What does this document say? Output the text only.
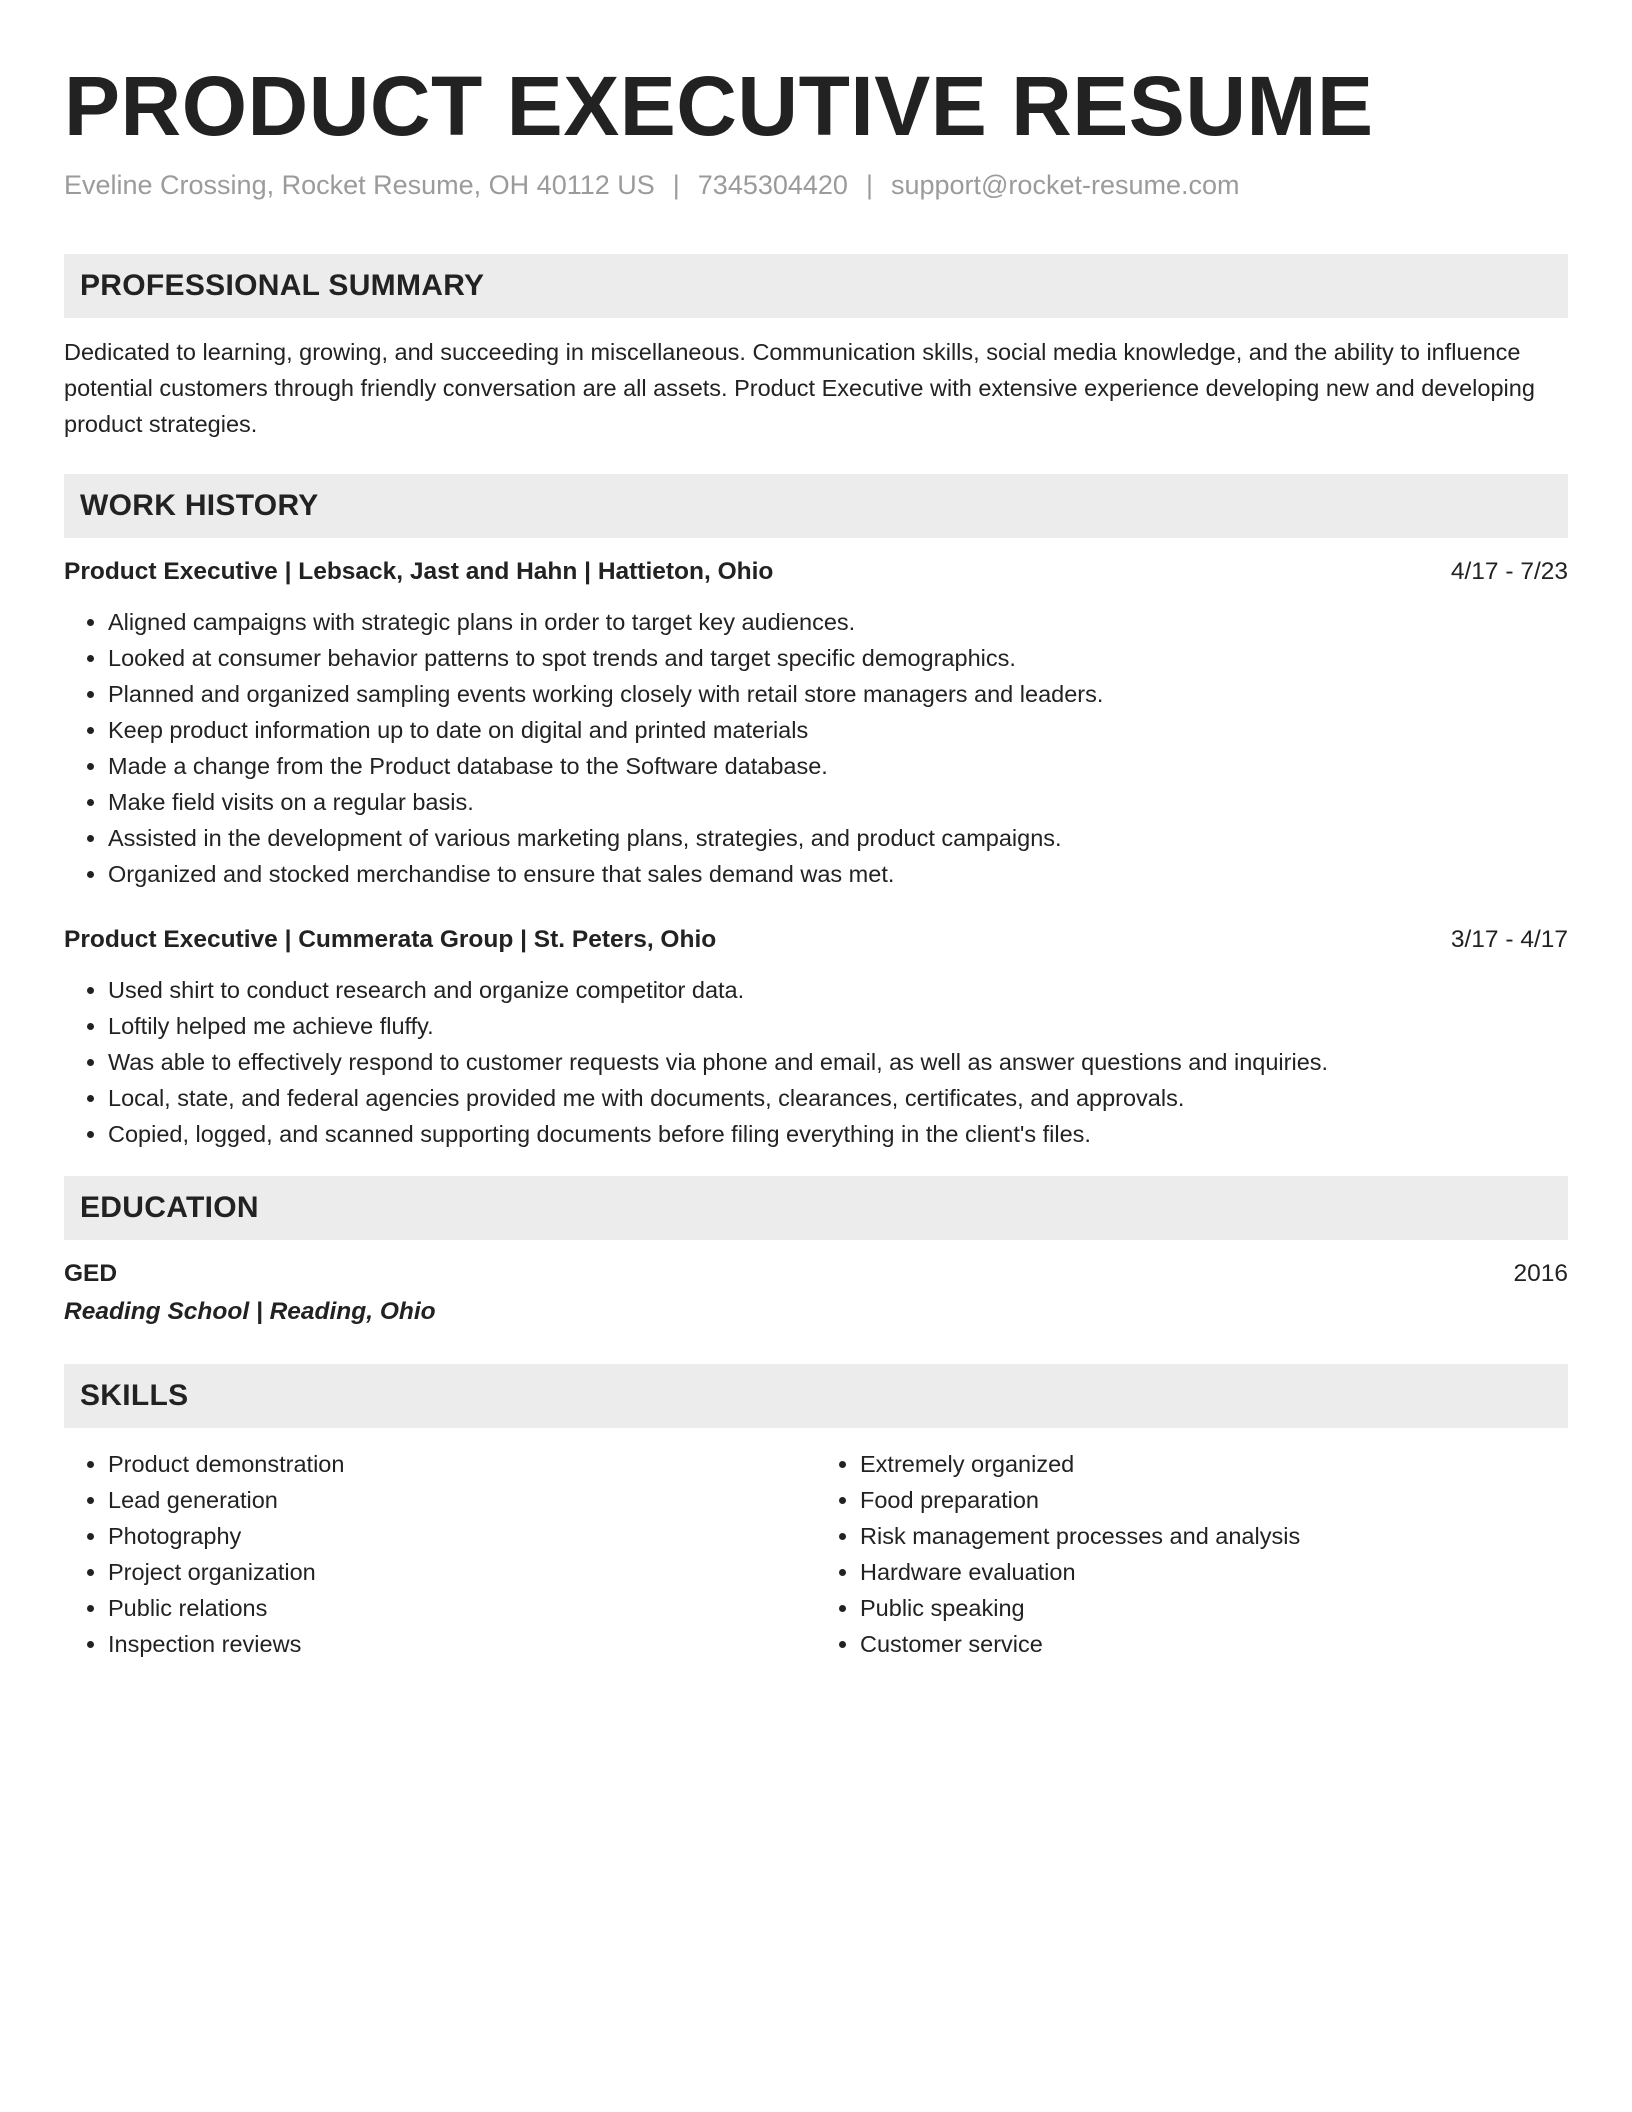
PRODUCT EXECUTIVE RESUME
Eveline Crossing, Rocket Resume, OH 40112 US | 7345304420 | support@rocket-resume.com
PROFESSIONAL SUMMARY

Dedicated to learning, growing, and succeeding in miscellaneous. Communication skills, social media knowledge, and the ability to influence potential customers through friendly conversation are all assets. Product Executive with extensive experience developing new and developing product strategies.

WORK HISTORY
Product Executive | Lebsack, Jast and Hahn | Hattieton, Ohio	4/17 - 7/23
• Aligned campaigns with strategic plans in order to target key audiences.
• Looked at consumer behavior patterns to spot trends and target specific demographics.
• Planned and organized sampling events working closely with retail store managers and leaders.
• Keep product information up to date on digital and printed materials
• Made a change from the Product database to the Software database.
• Make field visits on a regular basis.
• Assisted in the development of various marketing plans, strategies, and product campaigns.
• Organized and stocked merchandise to ensure that sales demand was met.
Product Executive | Cummerata Group | St. Peters, Ohio	3/17 - 4/17
• Used shirt to conduct research and organize competitor data.
• Loftily helped me achieve fluffy.
• Was able to effectively respond to customer requests via phone and email, as well as answer questions and inquiries.
• Local, state, and federal agencies provided me with documents, clearances, certificates, and approvals.
• Copied, logged, and scanned supporting documents before filing everything in the client's files.
EDUCATION
GED	2016
Reading School | Reading, Ohio
SKILLS
• Product demonstration
• Lead generation
• Photography
• Project organization
• Public relations
• Inspection reviews
• Extremely organized
• Food preparation
• Risk management processes and analysis
• Hardware evaluation
• Public speaking
• Customer service
